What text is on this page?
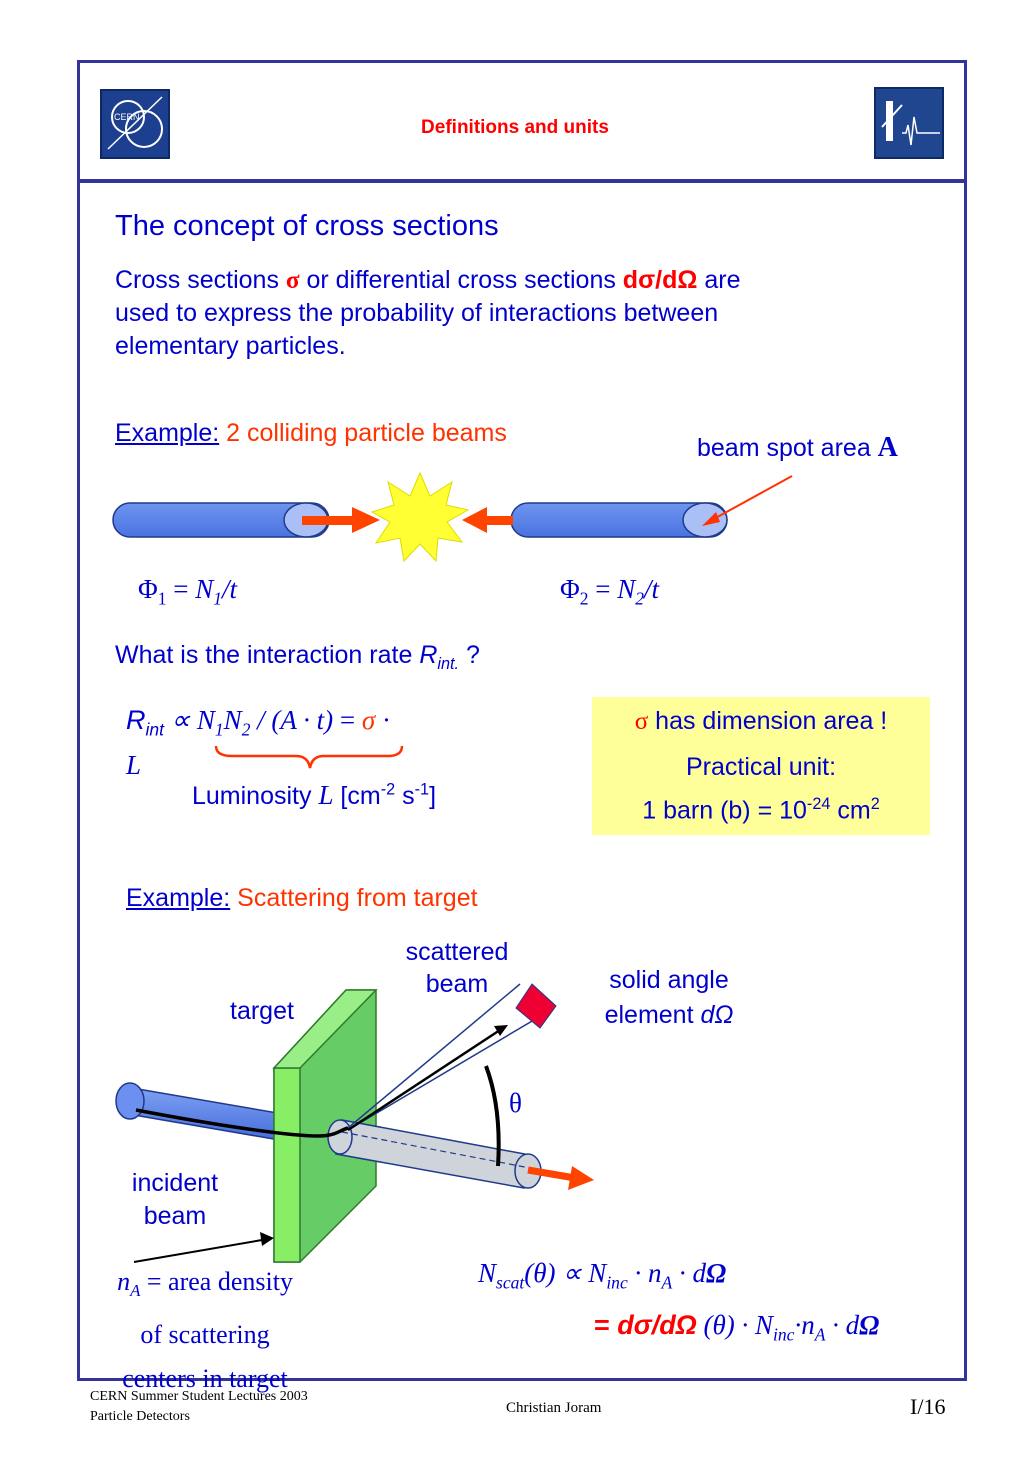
CERN	Definitions and units
The concept of cross sections
Cross sections σ or differential cross sections dσ/dΩ are
used to express the probability of interactions between
elementary particles.
Example: 2 colliding particle beams
beam spot area A
$\Phi_1 = N_1/t$	$\Phi_2 = N_2/t$
What is the interaction rate $R_{int.}$ ?
$R_{int} \propto N_1N_2 / (A \cdot t) = \sigma$ ·
L
Luminosity L [$cm^{-2}$ $s^{-1}$]
σ has dimension area !
Practical unit:
1 barn $(b) = 10^{-24}$ $cm^2$
Example: Scattering from target
scattered
beam	solid angle
element dΩ
target
θ
incident
beam
$n_A$ = area density
of scattering
centers in target
$N_{scat}(\theta) \propto N_{inc} \cdot n_A \cdot d\Omega$
= dσ/dΩ $(\theta) \cdot N_{inc}\cdot n_A \cdot d\Omega$
CERN Summer Student Lectures 2003
Particle Detectors
Christian Joram	I/16
